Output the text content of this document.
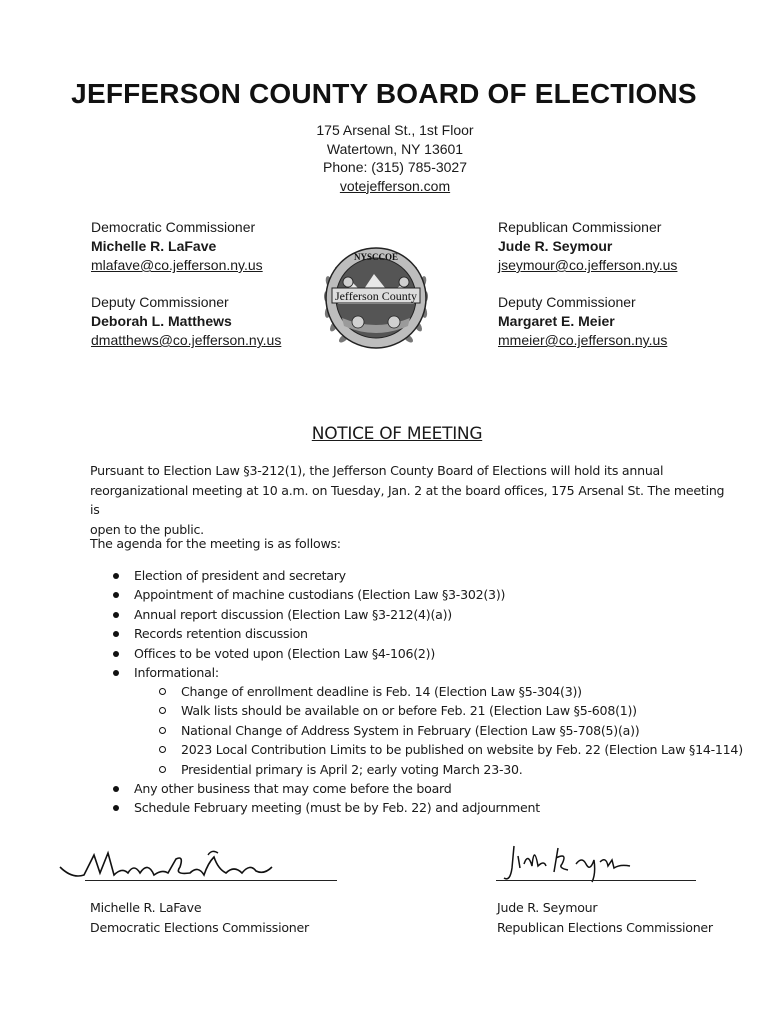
JEFFERSON COUNTY BOARD OF ELECTIONS
175 Arsenal St., 1st Floor
Watertown, NY 13601
Phone: (315) 785-3027
votejefferson.com
Democratic Commissioner
Michelle R. LaFave
mlafave@co.jefferson.ny.us
Deputy Commissioner
Deborah L. Matthews
dmatthews@co.jefferson.ny.us
Jefferson County
NYSCCOE
Republican Commissioner
Jude R. Seymour
jseymour@co.jefferson.ny.us
Deputy Commissioner
Margaret E. Meier
mmeier@co.jefferson.ny.us
NOTICE OF MEETING
Pursuant to Election Law §3-212(1), the Jefferson County Board of Elections will hold its annual
reorganizational meeting at 10 a.m. on Tuesday, Jan. 2 at the board offices, 175 Arsenal St. The meeting is
open to the public.
The agenda for the meeting is as follows:
Election of president and secretary
Appointment of machine custodians (Election Law §3-302(3))
Annual report discussion (Election Law §3-212(4)(a))
Records retention discussion
Offices to be voted upon (Election Law §4-106(2))
Informational:
Change of enrollment deadline is Feb. 14 (Election Law §5-304(3))
Walk lists should be available on or before Feb. 21 (Election Law §5-608(1))
National Change of Address System in February (Election Law §5-708(5)(a))
2023 Local Contribution Limits to be published on website by Feb. 22 (Election Law §14-114)
Presidential primary is April 2; early voting March 23-30.
Any other business that may come before the board
Schedule February meeting (must be by Feb. 22) and adjournment
Michelle R. LaFave
Democratic Elections Commissioner
Jude R. Seymour
Republican Elections Commissioner
